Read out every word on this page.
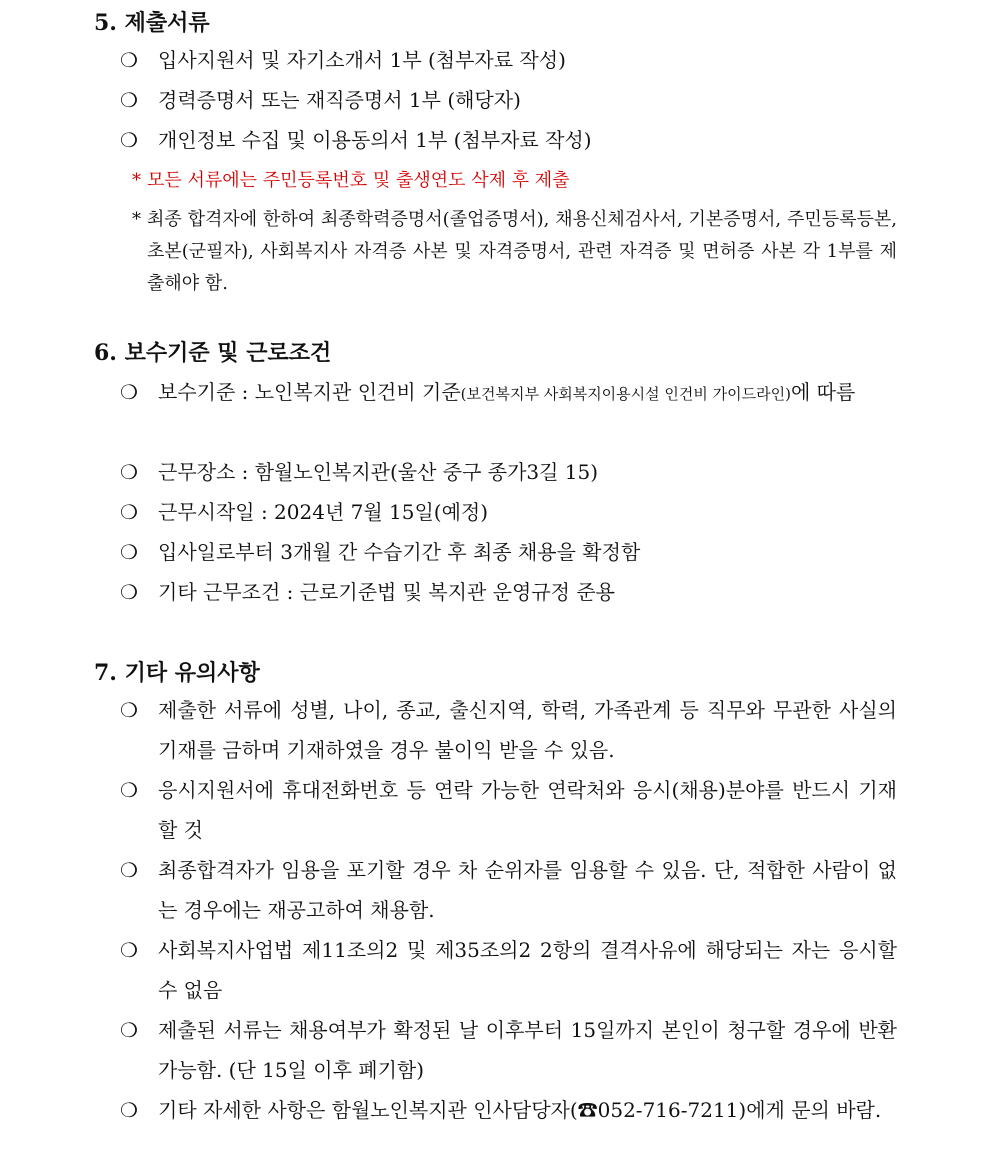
5. 제출서류
❍	입사지원서 및 자기소개서 1부 (첨부자료 작성)
❍	경력증명서 또는 재직증명서 1부 (해당자)
❍	개인정보 수집 및 이용동의서 1부 (첨부자료 작성)
* 모든 서류에는 주민등록번호 및 출생연도 삭제 후 제출
* 최종 합격자에 한하여 최종학력증명서(졸업증명서), 채용신체검사서, 기본증명서, 주민등록등본, 초본(군필자), 사회복지사 자격증 사본 및 자격증명서, 관련 자격증 및 면허증 사본 각 1부를 제출해야 함.
6. 보수기준 및 근로조건
❍	보수기준 : 노인복지관 인건비 기준(보건복지부 사회복지이용시설 인건비 가이드라인)에 따름
❍	근무장소 : 함월노인복지관(울산 중구 종가3길 15)
❍	근무시작일 : 2024년 7월 15일(예정)
❍	입사일로부터 3개월 간 수습기간 후 최종 채용을 확정함
❍	기타 근무조건 : 근로기준법 및 복지관 운영규정 준용
7. 기타 유의사항
❍	제출한 서류에 성별, 나이, 종교, 출신지역, 학력, 가족관계 등 직무와 무관한 사실의 기재를 금하며 기재하였을 경우 불이익 받을 수 있음.
❍	응시지원서에 휴대전화번호 등 연락 가능한 연락처와 응시(채용)분야를 반드시 기재 할 것
❍	최종합격자가 임용을 포기할 경우 차 순위자를 임용할 수 있음. 단, 적합한 사람이 없는 경우에는 재공고하여 채용함.
❍	사회복지사업법 제11조의2 및 제35조의2 2항의 결격사유에 해당되는 자는 응시할 수 없음
❍	제출된 서류는 채용여부가 확정된 날 이후부터 15일까지 본인이 청구할 경우에 반환 가능함. (단 15일 이후 폐기함)
❍	기타 자세한 사항은 함월노인복지관 인사담당자(☎052-716-7211)에게 문의 바람.
